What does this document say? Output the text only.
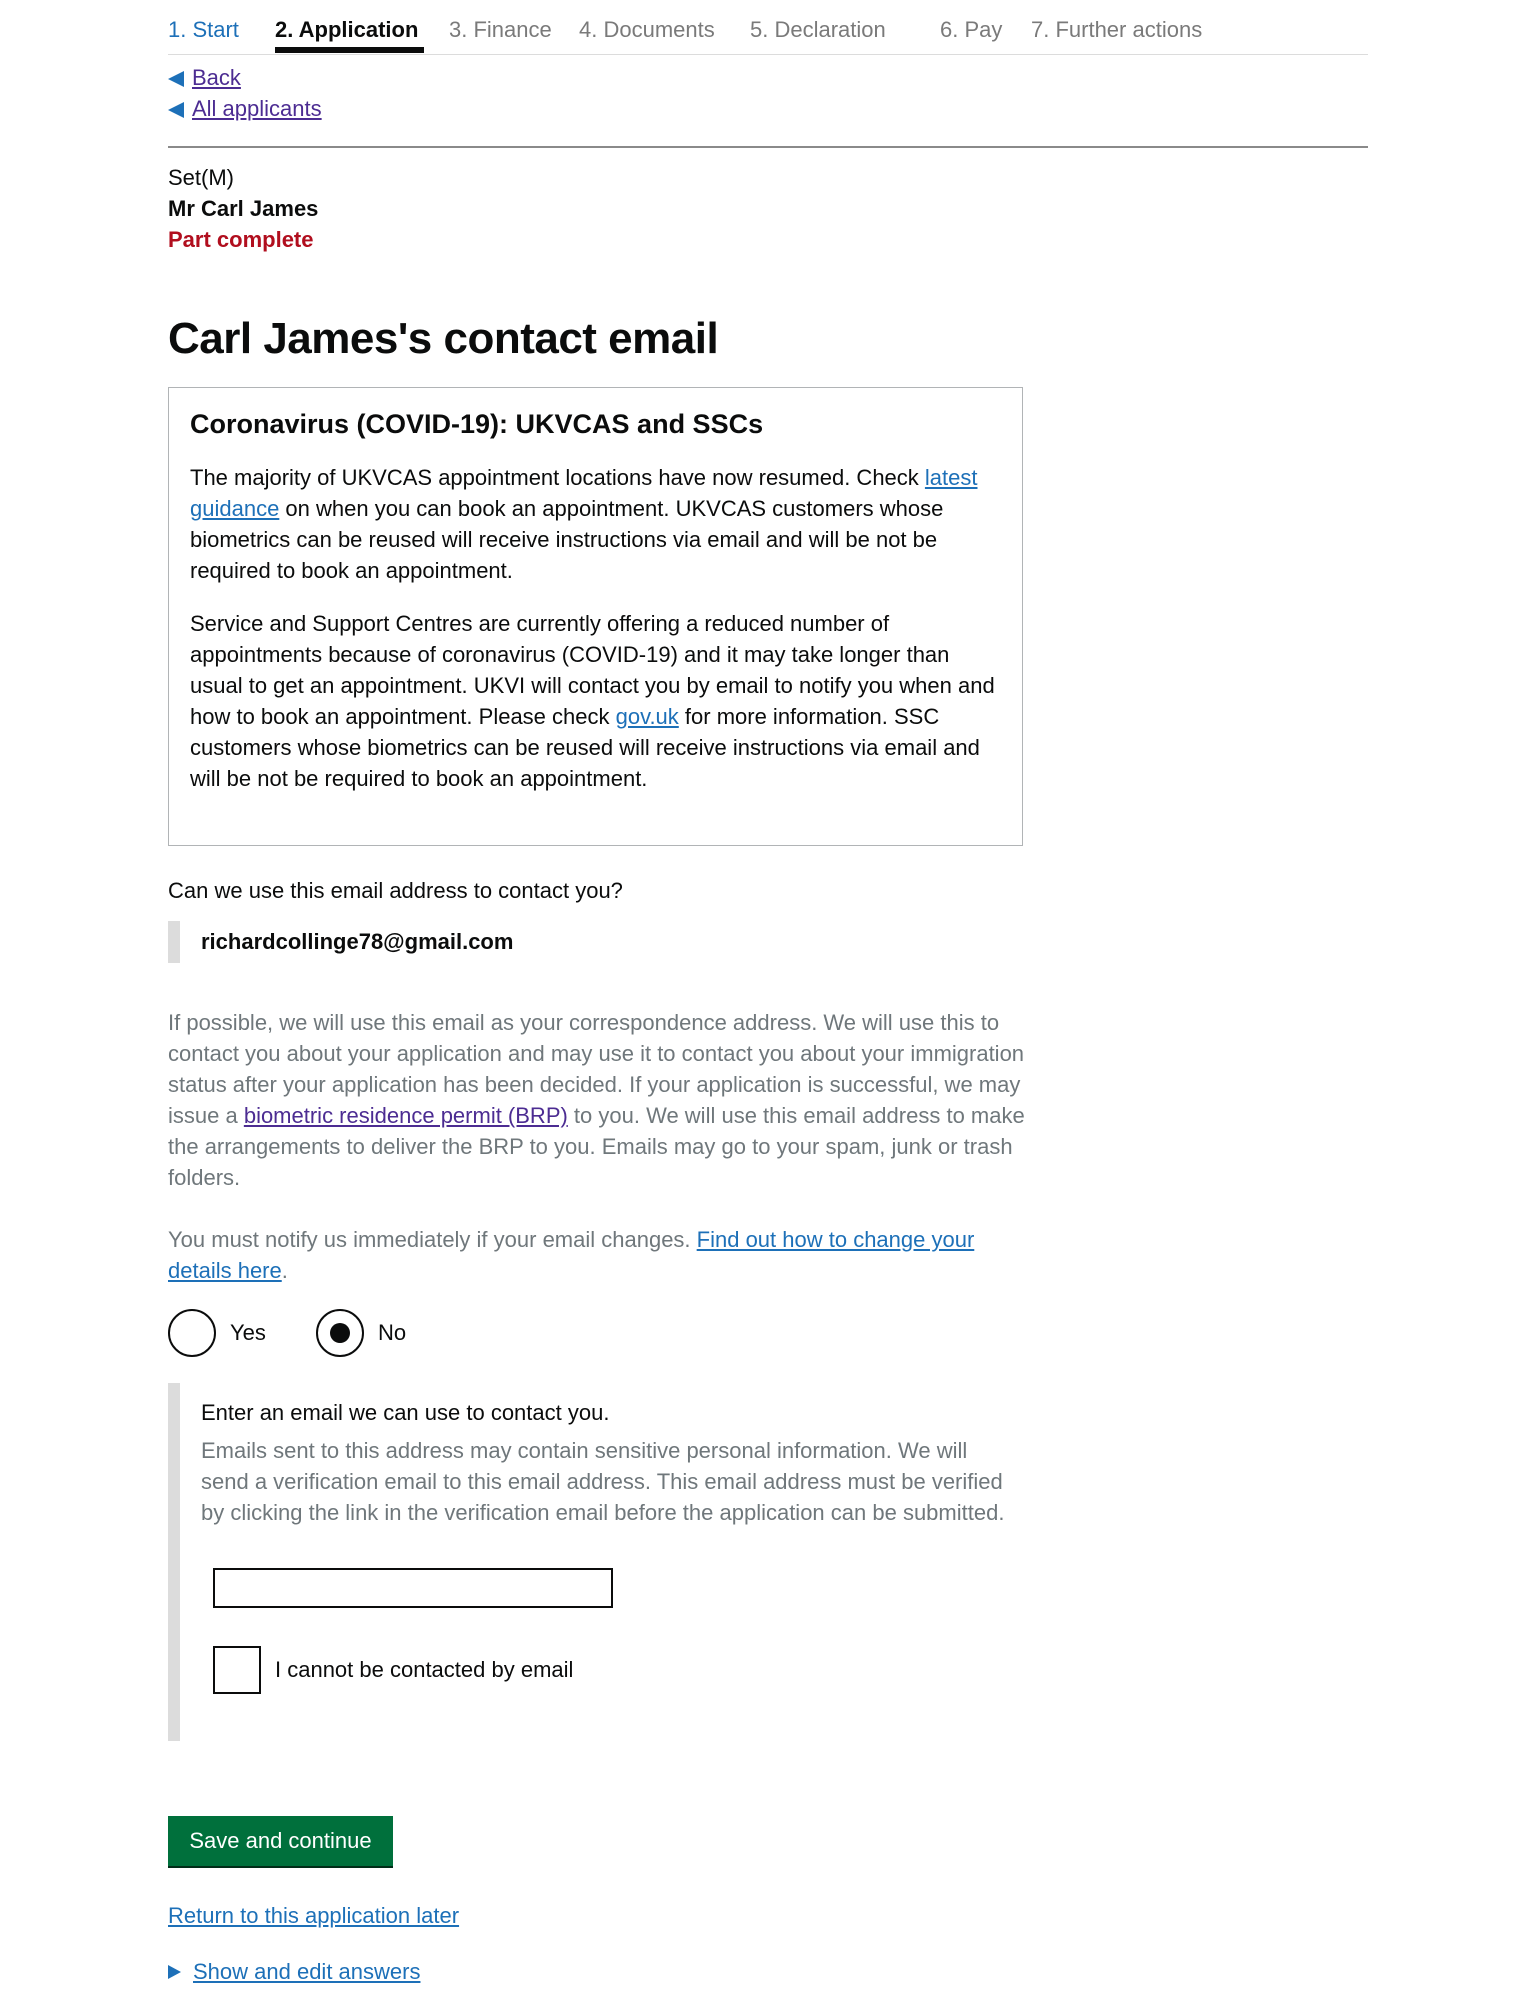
1. Start 2. Application 3. Finance 4. Documents 5. Declaration 6. Pay 7. Further actions
Back
All applicants
Set(M)
Mr Carl James
Part complete
Carl James's contact email
Coronavirus (COVID-19): UKVCAS and SSCs

The majority of UKVCAS appointment locations have now resumed. Check latest guidance on when you can book an appointment. UKVCAS customers whose biometrics can be reused will receive instructions via email and will be not be required to book an appointment.

Service and Support Centres are currently offering a reduced number of appointments because of coronavirus (COVID-19) and it may take longer than usual to get an appointment. UKVI will contact you by email to notify you when and how to book an appointment. Please check gov.uk for more information. SSC customers whose biometrics can be reused will receive instructions via email and will be not be required to book an appointment.

Can we use this email address to contact you?
richardcollinge78@gmail.com
If possible, we will use this email as your correspondence address. We will use this to contact you about your application and may use it to contact you about your immigration status after your application has been decided. If your application is successful, we may issue a biometric residence permit (BRP) to you. We will use this email address to make the arrangements to deliver the BRP to you. Emails may go to your spam, junk or trash folders.
You must notify us immediately if your email changes. Find out how to change your details here.
Yes	No
Enter an email we can use to contact you.
Emails sent to this address may contain sensitive personal information. We will send a verification email to this email address. This email address must be verified by clicking the link in the verification email before the application can be submitted.
I cannot be contacted by email
Save and continue
Return to this application later
Show and edit answers
